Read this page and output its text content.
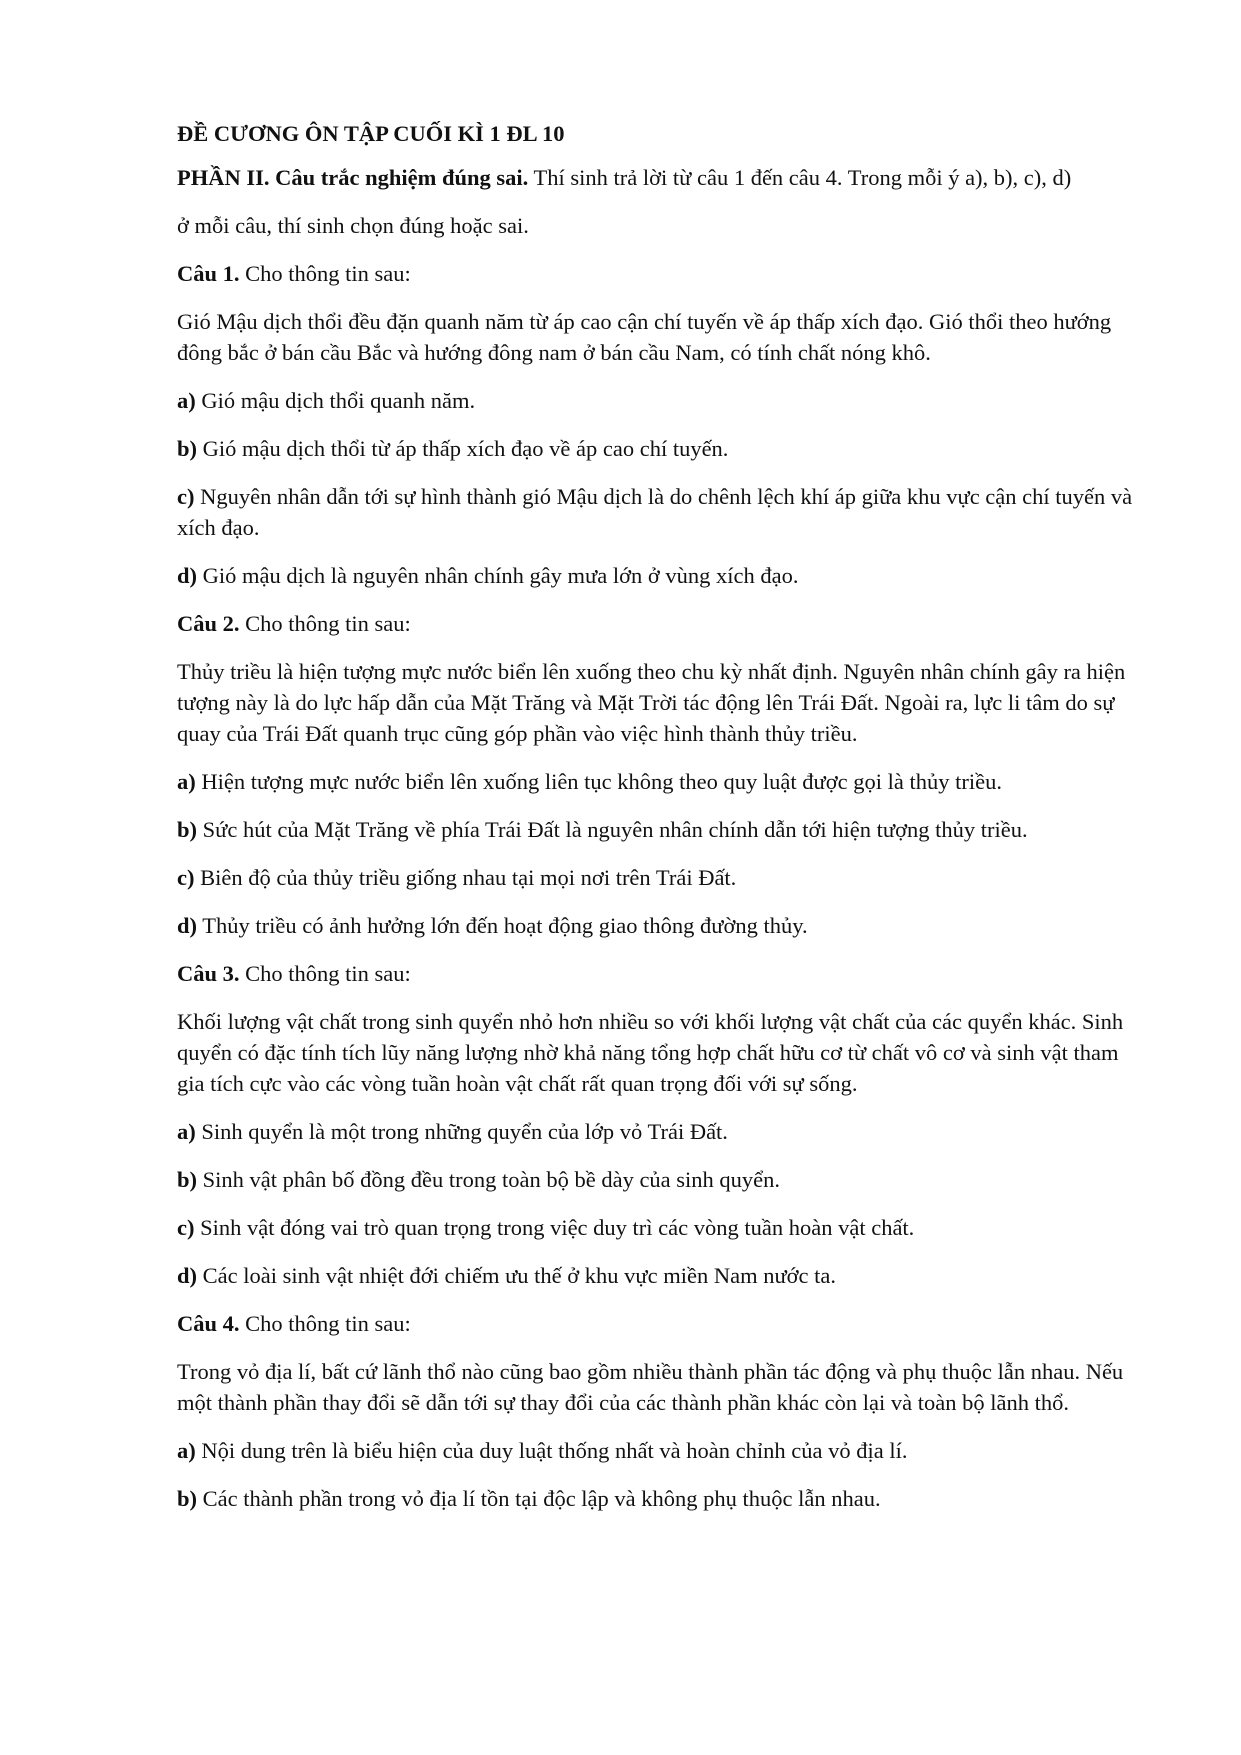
ĐỀ CƯƠNG ÔN TẬP CUỐI KÌ 1 ĐL 10
PHẦN II. Câu trắc nghiệm đúng sai. Thí sinh trả lời từ câu 1 đến câu 4. Trong mỗi ý a), b), c), d)
ở mỗi câu, thí sinh chọn đúng hoặc sai.
Câu 1. Cho thông tin sau:
Gió Mậu dịch thổi đều đặn quanh năm từ áp cao cận chí tuyến về áp thấp xích đạo. Gió thổi theo hướng đông bắc ở bán cầu Bắc và hướng đông nam ở bán cầu Nam, có tính chất nóng khô.
a) Gió mậu dịch thổi quanh năm.
b) Gió mậu dịch thổi từ áp thấp xích đạo về áp cao chí tuyến.
c) Nguyên nhân dẫn tới sự hình thành gió Mậu dịch là do chênh lệch khí áp giữa khu vực cận chí tuyến và xích đạo.
d) Gió mậu dịch là nguyên nhân chính gây mưa lớn ở vùng xích đạo.
Câu 2. Cho thông tin sau:
Thủy triều là hiện tượng mực nước biển lên xuống theo chu kỳ nhất định. Nguyên nhân chính gây ra hiện tượng này là do lực hấp dẫn của Mặt Trăng và Mặt Trời tác động lên Trái Đất. Ngoài ra, lực li tâm do sự quay của Trái Đất quanh trục cũng góp phần vào việc hình thành thủy triều.
a) Hiện tượng mực nước biển lên xuống liên tục không theo quy luật được gọi là thủy triều.
b) Sức hút của Mặt Trăng về phía Trái Đất là nguyên nhân chính dẫn tới hiện tượng thủy triều.
c) Biên độ của thủy triều giống nhau tại mọi nơi trên Trái Đất.
d) Thủy triều có ảnh hưởng lớn đến hoạt động giao thông đường thủy.
Câu 3. Cho thông tin sau:
Khối lượng vật chất trong sinh quyển nhỏ hơn nhiều so với khối lượng vật chất của các quyển khác. Sinh quyển có đặc tính tích lũy năng lượng nhờ khả năng tổng hợp chất hữu cơ từ chất vô cơ và sinh vật tham gia tích cực vào các vòng tuần hoàn vật chất rất quan trọng đối với sự sống.
a) Sinh quyển là một trong những quyển của lớp vỏ Trái Đất.
b) Sinh vật phân bố đồng đều trong toàn bộ bề dày của sinh quyển.
c) Sinh vật đóng vai trò quan trọng trong việc duy trì các vòng tuần hoàn vật chất.
d) Các loài sinh vật nhiệt đới chiếm ưu thế ở khu vực miền Nam nước ta.
Câu 4. Cho thông tin sau:
Trong vỏ địa lí, bất cứ lãnh thổ nào cũng bao gồm nhiều thành phần tác động và phụ thuộc lẫn nhau. Nếu một thành phần thay đổi sẽ dẫn tới sự thay đổi của các thành phần khác còn lại và toàn bộ lãnh thổ.
a) Nội dung trên là biểu hiện của duy luật thống nhất và hoàn chỉnh của vỏ địa lí.
b) Các thành phần trong vỏ địa lí tồn tại độc lập và không phụ thuộc lẫn nhau.
